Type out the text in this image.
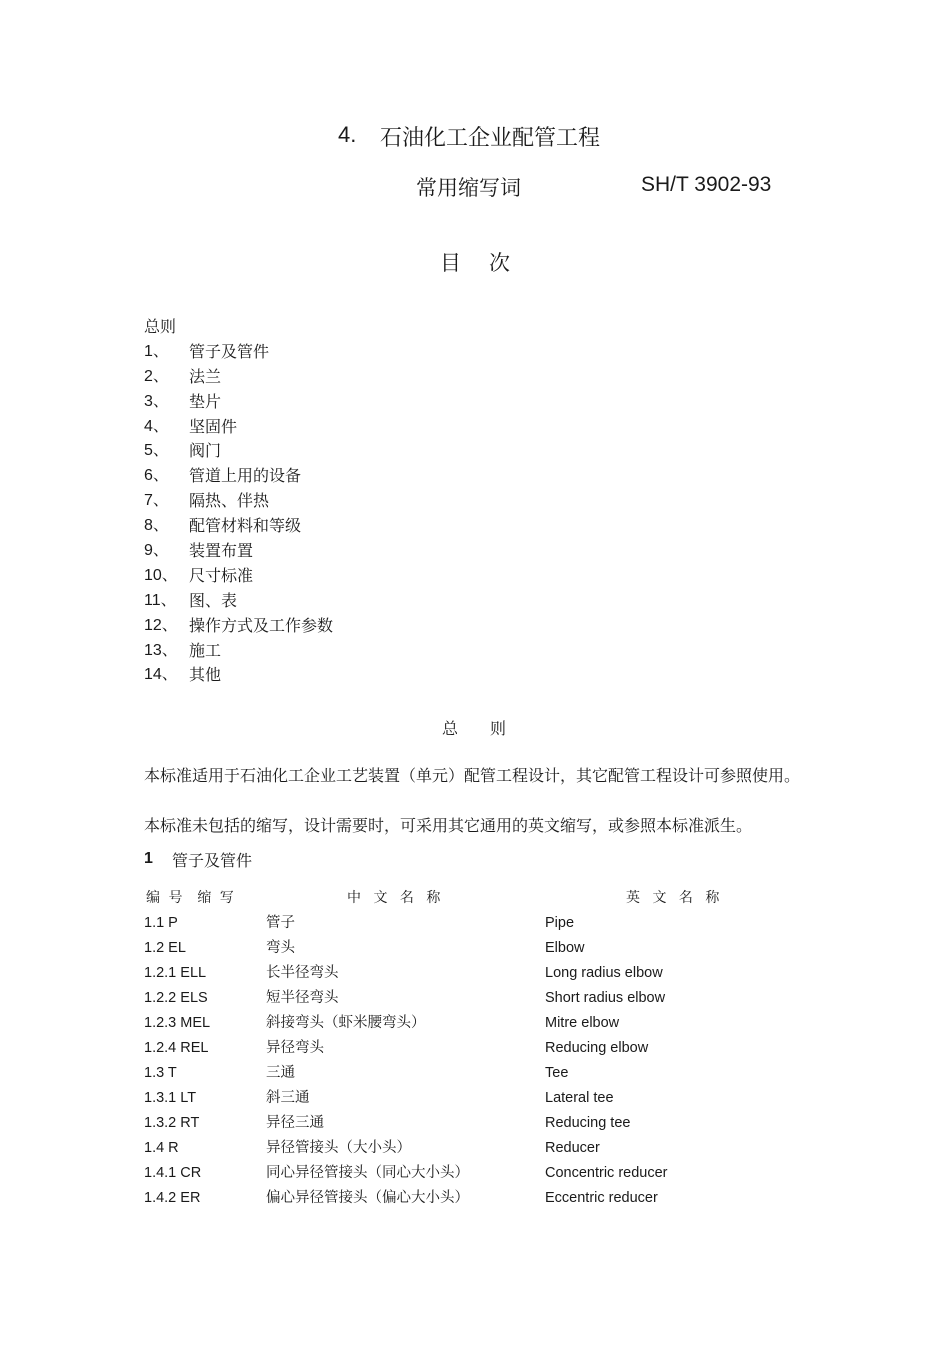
4. 石油化工企业配管工程
常用缩写词	SH/T 3902-93
目次
总则
1、	管子及管件
2、	法兰
3、	垫片
4、	坚固件
5、	阀门
6、	管道上用的设备
7、	隔热、伴热
8、	配管材料和等级
9、	装置布置
10、 尺寸标准
11、 图、表
12、 操作方式及工作参数
13、 施工
14、 其他
总则
本标准适用于石油化工企业工艺装置（单元）配管工程设计，其它配管工程设计可参照使用。
本标准未包括的缩写，设计需要时，可采用其它通用的英文缩写，或参照本标准派生。
1 管子及管件
编 号  缩 写	中 文 名 称	英 文 名 称
1.1 P	管子	Pipe
1.2 EL	弯头	Elbow
1.2.1 ELL	长半径弯头	Long radius elbow
1.2.2 ELS	短半径弯头	Short radius elbow
1.2.3 MEL	斜接弯头（虾米腰弯头）	Mitre elbow
1.2.4 REL	异径弯头	Reducing elbow
1.3 T	三通	Tee
1.3.1 LT	斜三通	Lateral tee
1.3.2 RT	异径三通	Reducing tee
1.4 R	异径管接头（大小头）	Reducer
1.4.1 CR	同心异径管接头（同心大小头）	Concentric reducer
1.4.2 ER	偏心异径管接头（偏心大小头）	Eccentric reducer
